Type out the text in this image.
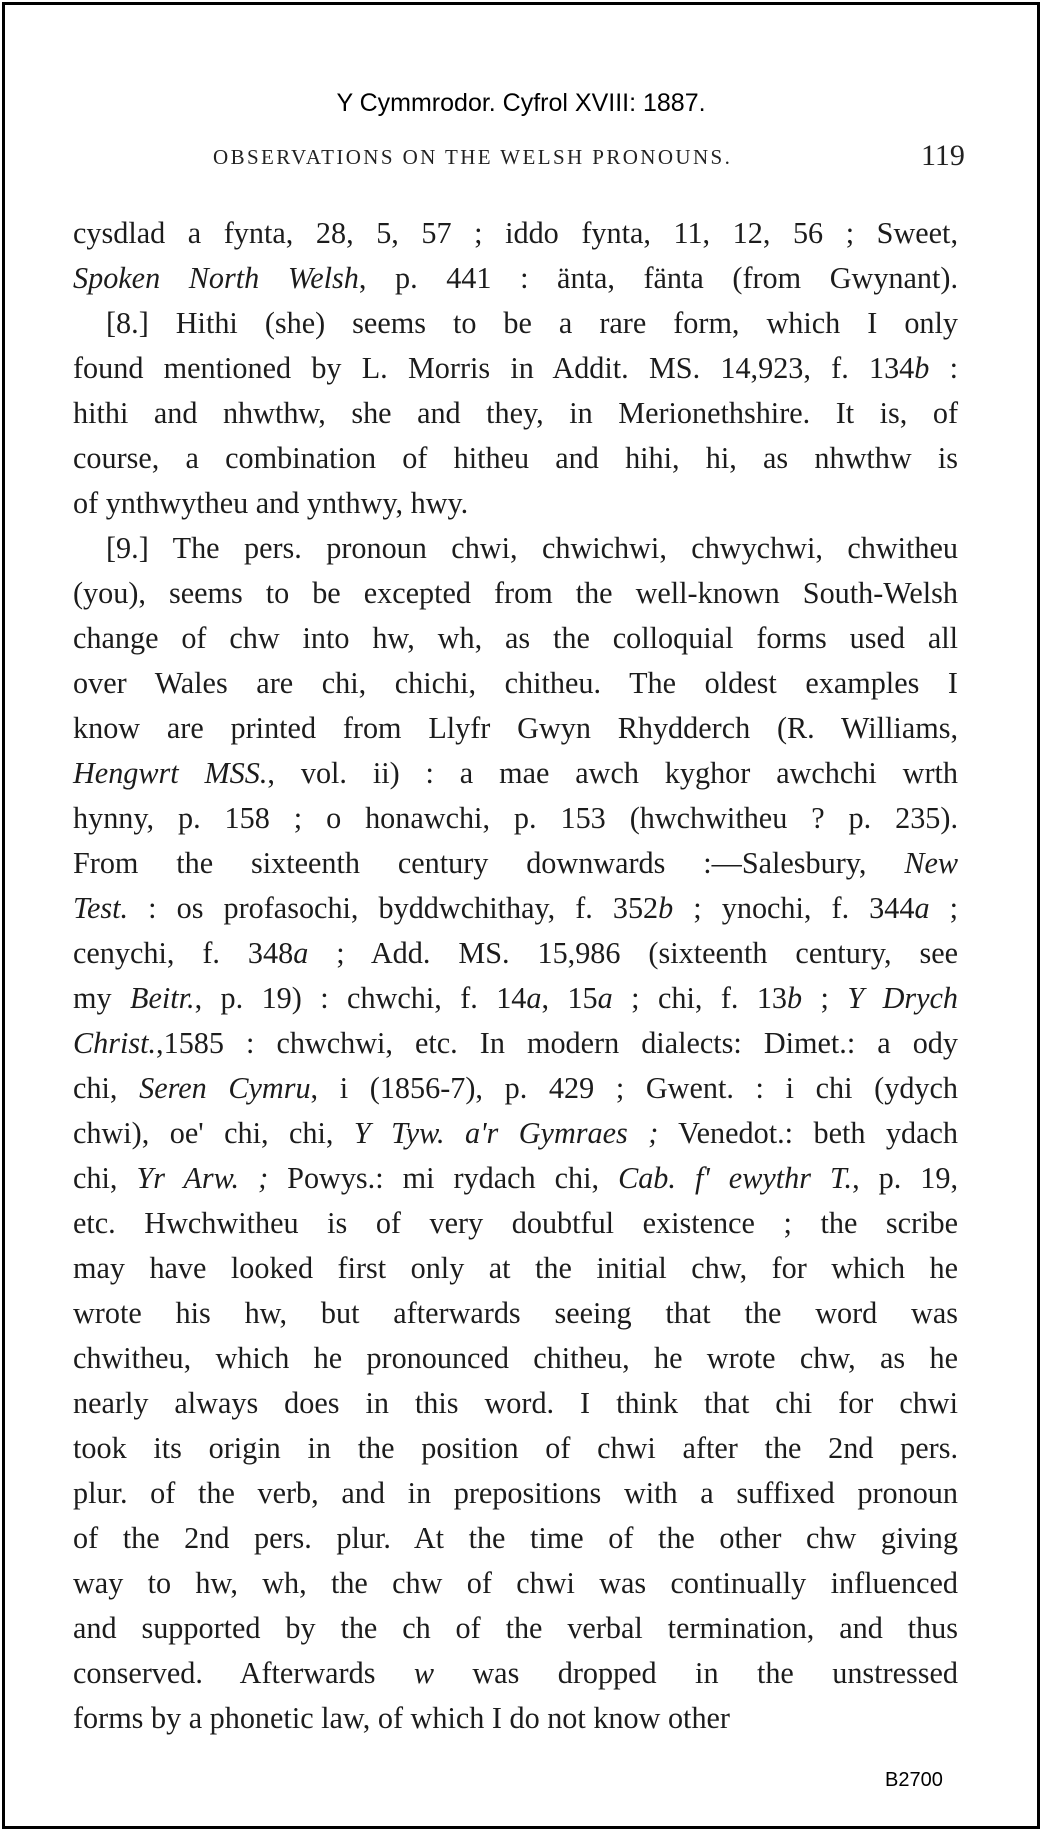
Y Cymmrodor. Cyfrol XVIII: 1887.
OBSERVATIONS ON THE WELSH PRONOUNS.	119
cysdlad a fynta, 28, 5, 57 ; iddo fynta, 11, 12, 56 ; Sweet,
Spoken North Welsh, p. 441 : änta, fänta (from Gwynant).
[8.] Hithi (she) seems to be a rare form, which I only
found mentioned by L. Morris in Addit. MS. 14,923, f. 134b :
hithi and nhwthw, she and they, in Merionethshire. It is, of
course, a combination of hitheu and hihi, hi, as nhwthw is
of ynthwytheu and ynthwy, hwy.
[9.] The pers. pronoun chwi, chwichwi, chwychwi, chwitheu
(you), seems to be excepted from the well-known South-Welsh
change of chw into hw, wh, as the colloquial forms used all
over Wales are chi, chichi, chitheu. The oldest examples I
know are printed from Llyfr Gwyn Rhydderch (R. Williams,
Hengwrt MSS., vol. ii) : a mae awch kyghor awchchi wrth
hynny, p. 158 ; o honawchi, p. 153 (hwchwitheu ? p. 235).
From the sixteenth century downwards :—Salesbury, New
Test. : os profasochi, byddwchithay, f. 352b ; ynochi, f. 344a ;
cenychi, f. 348a ; Add. MS. 15,986 (sixteenth century, see
my Beitr., p. 19) : chwchi, f. 14a, 15a ; chi, f. 13b ; Y Drych
Christ.,1585 : chwchwi, etc. In modern dialects: Dimet.: a ody
chi, Seren Cymru, i (1856-7), p. 429 ; Gwent. : i chi (ydych
chwi), oe' chi, chi, Y Tyw. a'r Gymraes ; Venedot.: beth ydach
chi, Yr Arw. ; Powys.: mi rydach chi, Cab. f' ewythr T., p. 19,
etc. Hwchwitheu is of very doubtful existence ; the scribe
may have looked first only at the initial chw, for which he
wrote his hw, but afterwards seeing that the word was
chwitheu, which he pronounced chitheu, he wrote chw, as he
nearly always does in this word. I think that chi for chwi
took its origin in the position of chwi after the 2nd pers.
plur. of the verb, and in prepositions with a suffixed pronoun
of the 2nd pers. plur. At the time of the other chw giving
way to hw, wh, the chw of chwi was continually influenced
and supported by the ch of the verbal termination, and thus
conserved. Afterwards w was dropped in the unstressed
forms by a phonetic law, of which I do not know other
B2700
